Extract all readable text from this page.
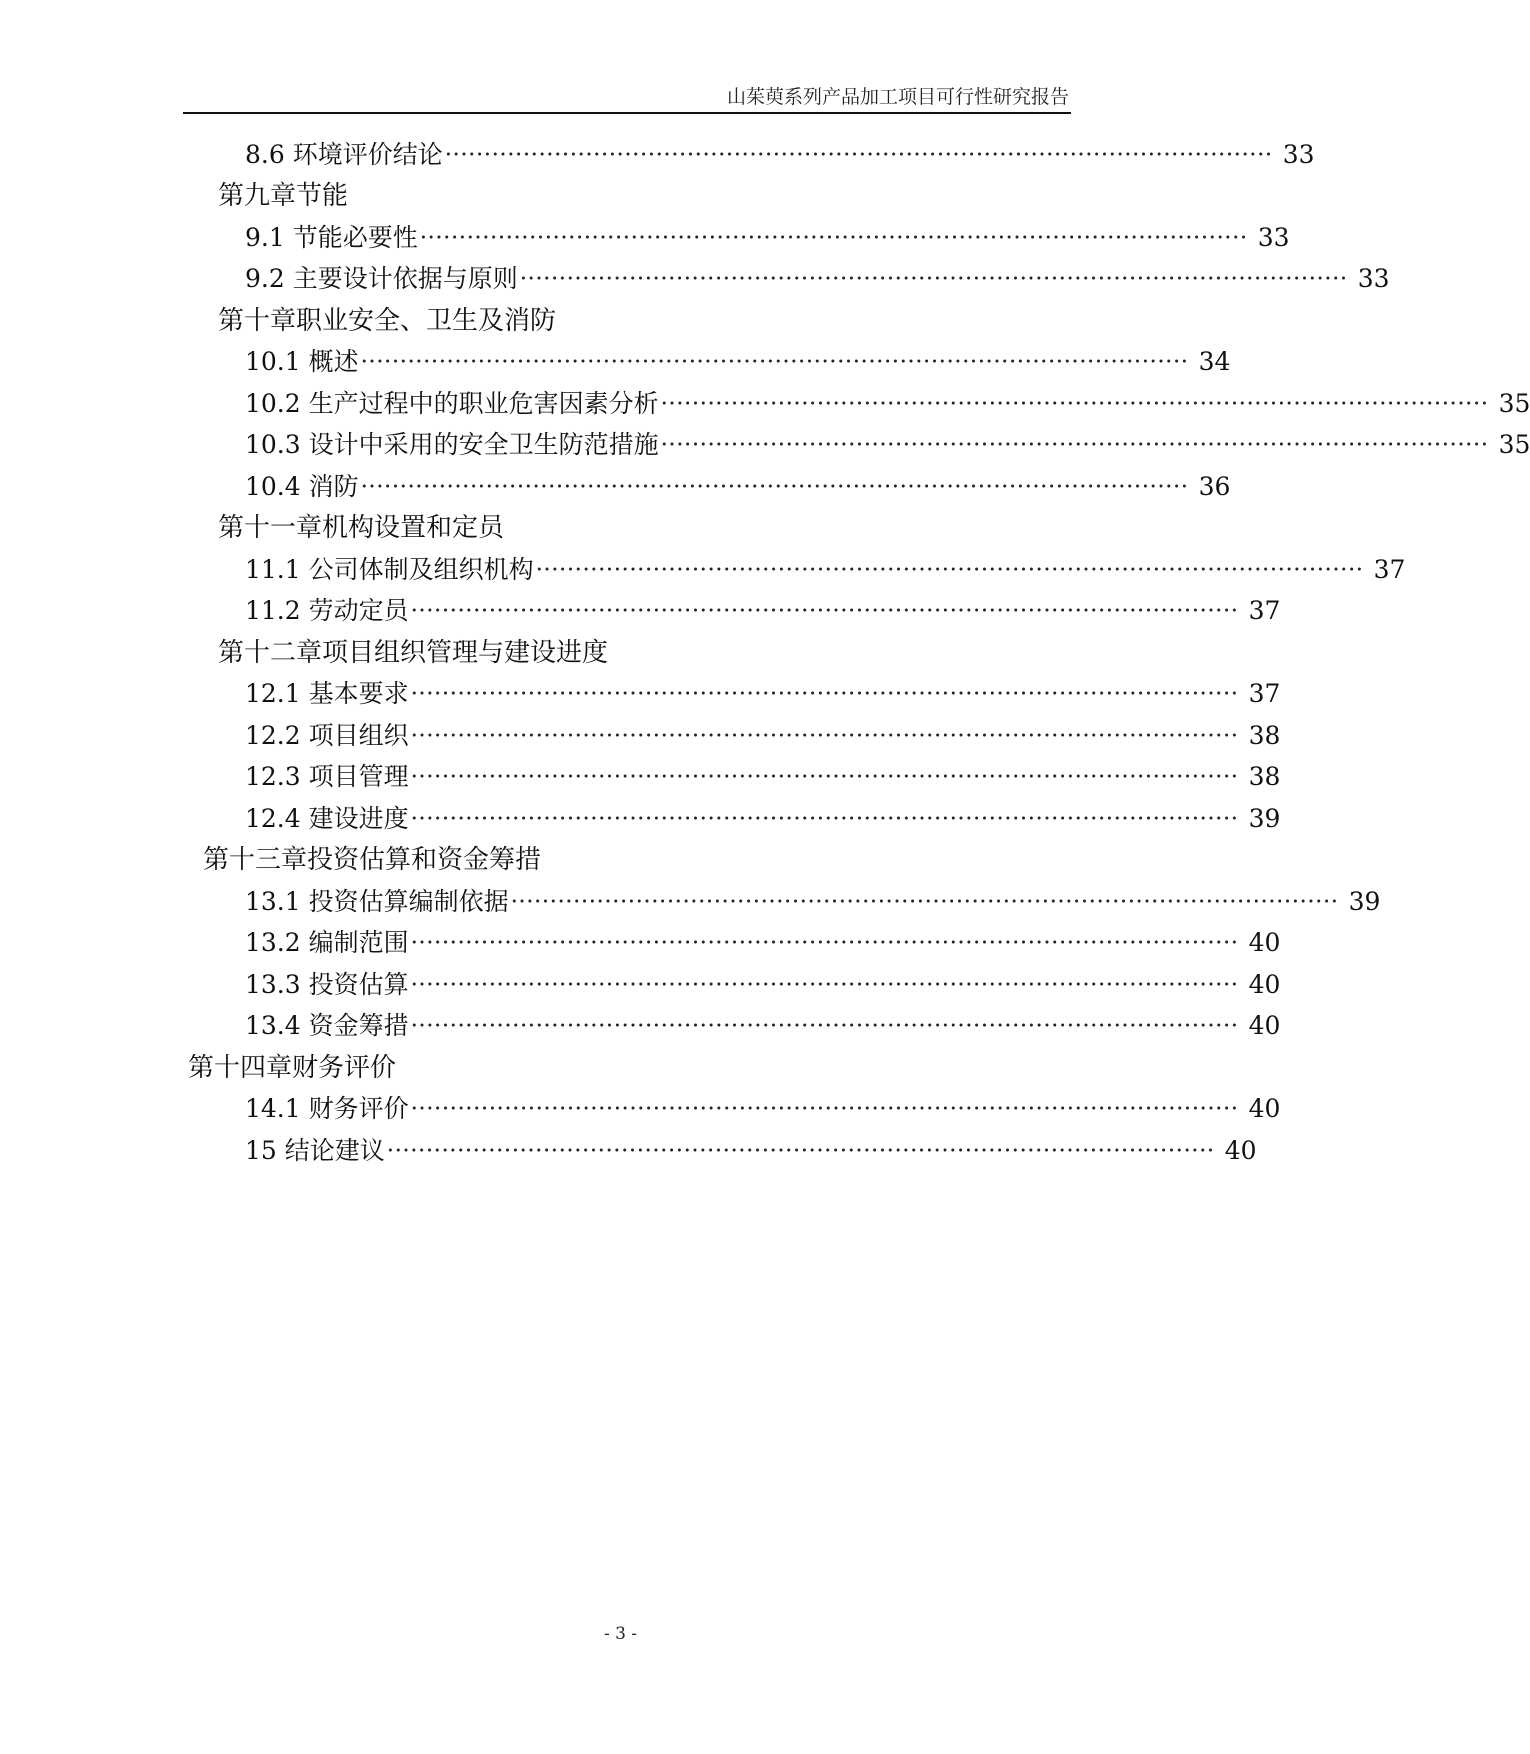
山茱萸系列产品加工项目可行性研究报告
8.6 环境评价结论 ·········································································································· 33
第九章节能
9.1 节能必要性 ·········································································································· 33
9.2 主要设计依据与原则 ·········································································································· 33
第十章职业安全、卫生及消防
10.1 概述 ·········································································································· 34
10.2 生产过程中的职业危害因素分析 ·········································································································· 35
10.3 设计中采用的安全卫生防范措施 ·········································································································· 35
10.4 消防 ·········································································································· 36
第十一章机构设置和定员
11.1 公司体制及组织机构 ·········································································································· 37
11.2 劳动定员 ·········································································································· 37
第十二章项目组织管理与建设进度
12.1 基本要求 ·········································································································· 37
12.2 项目组织 ·········································································································· 38
12.3 项目管理 ·········································································································· 38
12.4 建设进度 ·········································································································· 39
第十三章投资估算和资金筹措
13.1 投资估算编制依据 ·········································································································· 39
13.2 编制范围 ·········································································································· 40
13.3 投资估算 ·········································································································· 40
13.4 资金筹措 ·········································································································· 40
第十四章财务评价
14.1 财务评价 ·········································································································· 40
15 结论建议 ·········································································································· 40
- 3 -
